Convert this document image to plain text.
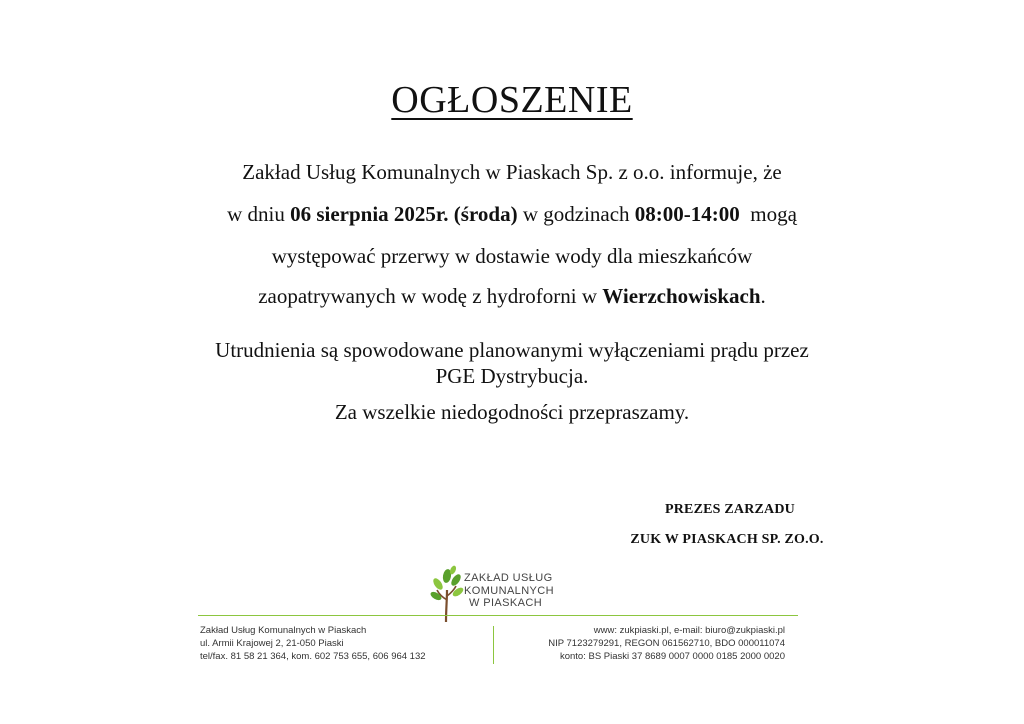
OGŁOSZENIE
Zakład Usług Komunalnych w Piaskach Sp. z o.o. informuje, że
w dniu 06 sierpnia 2025r. (środa) w godzinach 08:00-14:00  mogą
występować przerwy w dostawie wody dla mieszkańców
zaopatrywanych w wodę z hydroforni w Wierzchowiskach.
Utrudnienia są spowodowane planowanymi wyłączeniami prądu przez
PGE Dystrybucja.
Za wszelkie niedogodności przepraszamy.
PREZES ZARZADU
ZUK W PIASKACH SP. ZO.O.
ZAKŁAD USŁUG
KOMUNALNYCH
W PIASKACH
Zakład Usług Komunalnych w Piaskach
ul. Armii Krajowej 2, 21-050 Piaski
tel/fax. 81 58 21 364, kom. 602 753 655, 606 964 132
www: zukpiaski.pl, e-mail: biuro@zukpiaski.pl
NIP 7123279291, REGON 061562710, BDO 000011074
konto: BS Piaski 37 8689 0007 0000 0185 2000 0020
